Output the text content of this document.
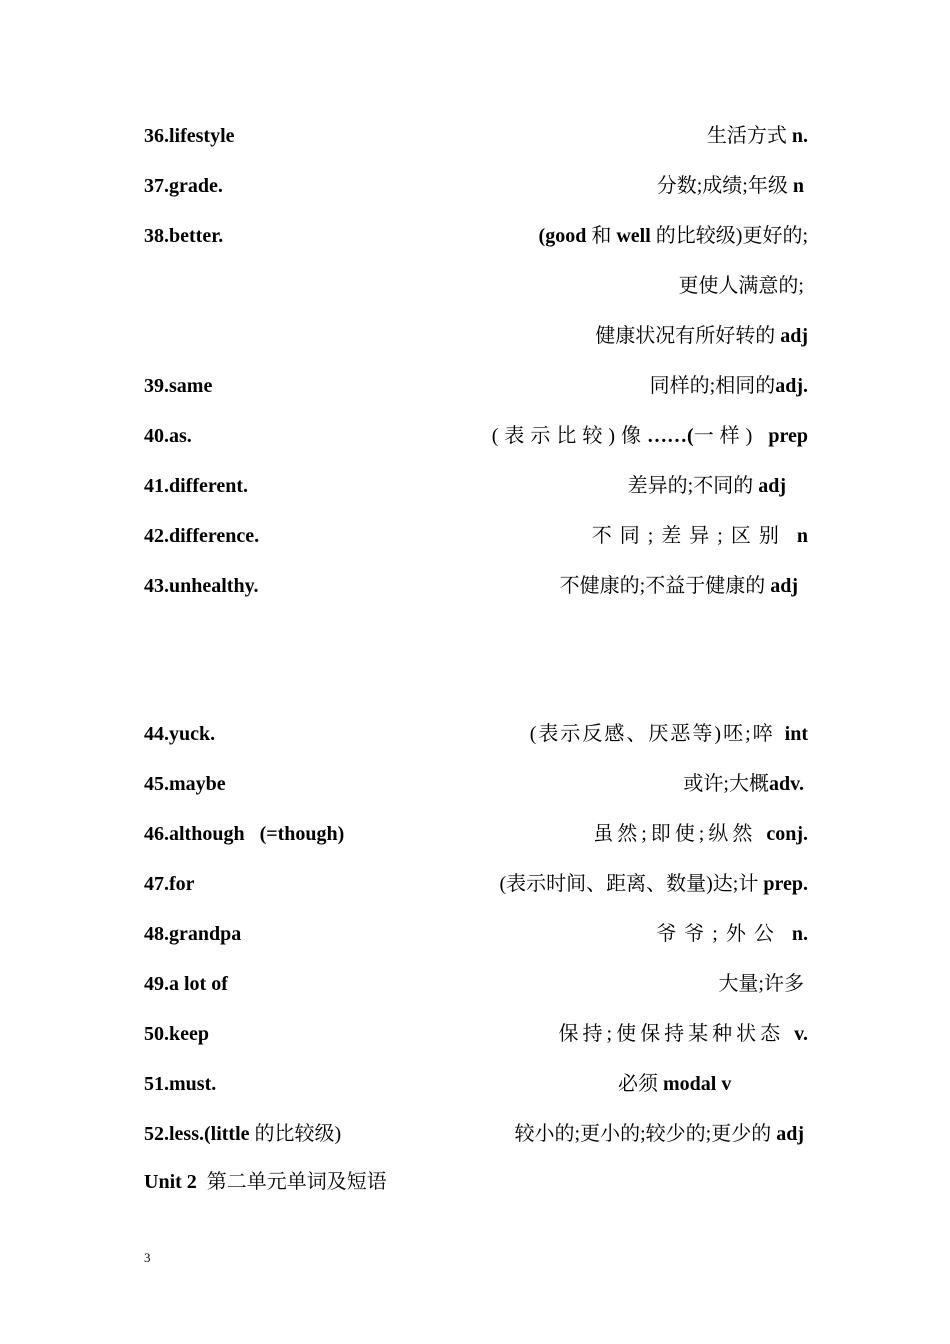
36.lifestyle	生活方式 n.
37.grade.	分数;成绩;年级 n
38.better.	(good 和 well 的比较级)更好的;
更使人满意的;
健康状况有所好转的 adj
39.same	同样的;相同的adj.
40.as.	(表示比较)像……(一样) prep
41.different.	差异的;不同的 adj
42.difference.	不同;差异;区别 n
43.unhealthy.	不健康的;不益于健康的 adj
44.yuck.	(表示反感、厌恶等)呸;啐 int
45.maybe	或许;大概adv.
46.although   (=though)	虽然;即使;纵然 conj.
47.for	(表示时间、距离、数量)达;计 prep.
48.grandpa	爷爷;外公 n.
49.a lot of	大量;许多
50.keep	保持;使保持某种状态 v.
51.must.	必须 modal v
52.less.(little 的比较级)	较小的;更小的;较少的;更少的 adj
Unit 2 第二单元单词及短语
3
